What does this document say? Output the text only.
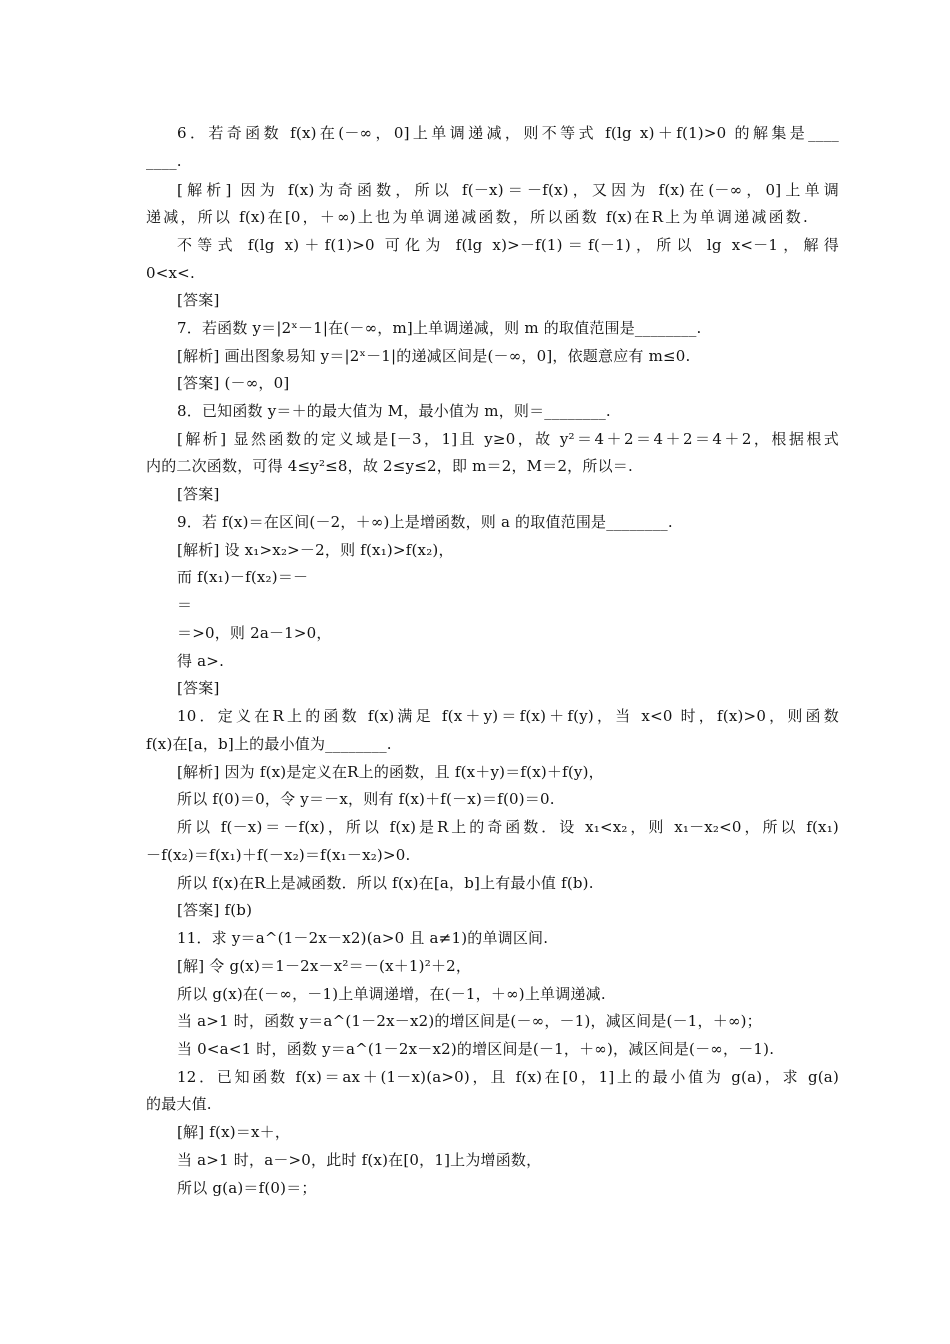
6．若奇函数 f(x)在(－∞，0]上单调递减，则不等式 f(lg x)＋f(1)>0 的解集是____
____.
[解析] 因为 f(x)为奇函数，所以 f(－x)＝－f(x)，又因为 f(x)在(－∞，0]上单调
递减，所以 f(x)在[0，＋∞)上也为单调递减函数，所以函数 f(x)在R上为单调递减函数.
不等式 f(lg x)＋f(1)>0 可化为 f(lg x)>－f(1)＝f(－1)，所以 lg x<－1，解得
0<x<.
[答案]
7．若函数 y＝|2ˣ－1|在(－∞，m]上单调递减，则 m 的取值范围是________.
[解析] 画出图象易知 y＝|2ˣ－1|的递减区间是(－∞，0]，依题意应有 m≤0.
[答案] (－∞，0]
8．已知函数 y＝＋的最大值为 M，最小值为 m，则＝________.
[解析] 显然函数的定义域是[－3，1]且 y≥0，故 y²＝4＋2＝4＋2＝4＋2，根据根式
内的二次函数，可得 4≤y²≤8，故 2≤y≤2，即 m＝2，M＝2，所以＝.
[答案]
9．若 f(x)＝在区间(－2，＋∞)上是增函数，则 a 的取值范围是________.
[解析] 设 x₁>x₂>－2，则 f(x₁)>f(x₂)，
而 f(x₁)－f(x₂)＝－
＝
＝>0，则 2a－1>0，
得 a>.
[答案]
10．定义在R上的函数 f(x)满足 f(x＋y)＝f(x)＋f(y)，当 x<0 时，f(x)>0，则函数
f(x)在[a，b]上的最小值为________.
[解析] 因为 f(x)是定义在R上的函数，且 f(x＋y)＝f(x)＋f(y)，
所以 f(0)＝0，令 y＝－x，则有 f(x)＋f(－x)＝f(0)＝0.
所以 f(－x)＝－f(x)，所以 f(x)是R上的奇函数．设 x₁<x₂，则 x₁－x₂<0，所以 f(x₁)
－f(x₂)＝f(x₁)＋f(－x₂)＝f(x₁－x₂)>0.
所以 f(x)在R上是减函数．所以 f(x)在[a，b]上有最小值 f(b).
[答案] f(b)
11．求 y＝a^(1－2x－x2)(a>0 且 a≠1)的单调区间.
[解] 令 g(x)＝1－2x－x²＝－(x＋1)²＋2，
所以 g(x)在(－∞，－1)上单调递增，在(－1，＋∞)上单调递减.
当 a>1 时，函数 y＝a^(1－2x－x2)的增区间是(－∞，－1)，减区间是(－1，＋∞)；
当 0<a<1 时，函数 y＝a^(1－2x－x2)的增区间是(－1，＋∞)，减区间是(－∞，－1).
12．已知函数 f(x)＝ax＋(1－x)(a>0)，且 f(x)在[0，1]上的最小值为 g(a)，求 g(a)
的最大值.
[解] f(x)＝x＋，
当 a>1 时，a－>0，此时 f(x)在[0，1]上为增函数，
所以 g(a)＝f(0)＝；
